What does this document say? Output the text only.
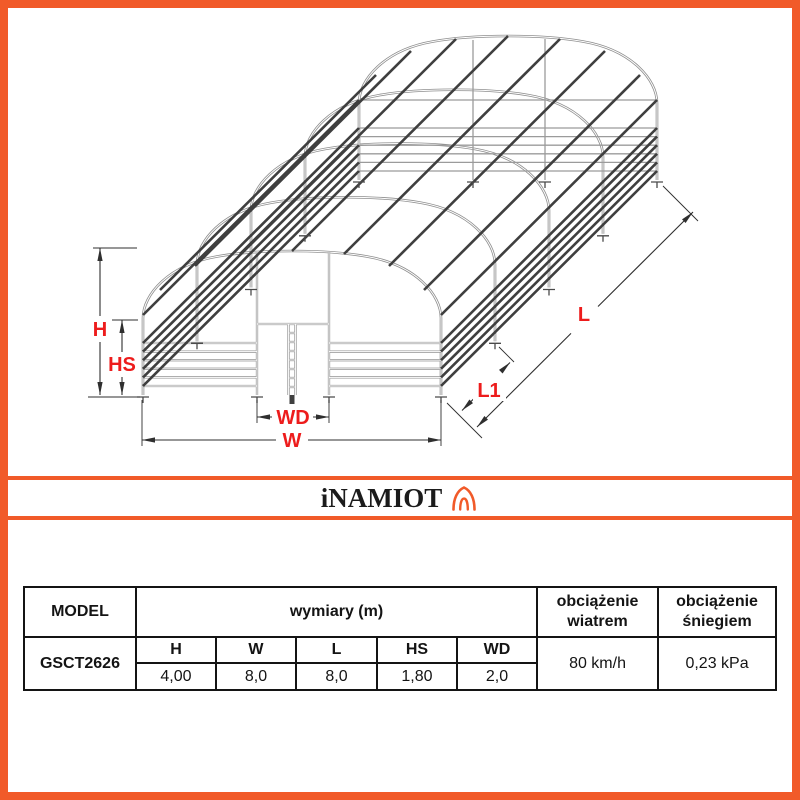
H
HS
W
WD
L
L1
iNAMIOT
MODEL	wymiary (m)					obciążenie wiatrem	obciążenie śniegiem
GSCT2626	H	W	L	HS	WD	80 km/h	0,23 kPa
	4,00	8,0	8,0	1,80	2,0		
